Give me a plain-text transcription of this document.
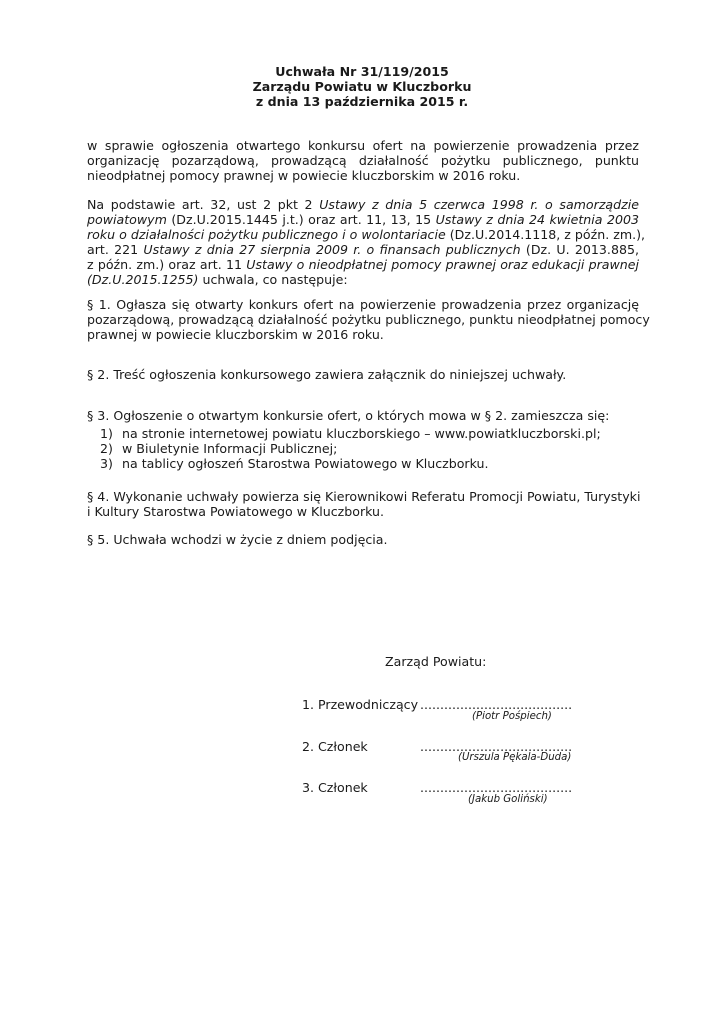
Uchwała Nr 31/119/2015
Zarządu Powiatu w Kluczborku
z dnia 13 października 2015 r.
w sprawie ogłoszenia otwartego konkursu ofert na powierzenie prowadzenia przez
organizację pozarządową, prowadzącą działalność pożytku publicznego, punktu
nieodpłatnej pomocy prawnej w powiecie kluczborskim w 2016 roku.
Na podstawie art. 32, ust 2 pkt 2 Ustawy z dnia 5 czerwca 1998 r. o samorządzie
powiatowym (Dz.U.2015.1445 j.t.) oraz art. 11, 13, 15 Ustawy z dnia 24 kwietnia 2003
roku o działalności pożytku publicznego i o wolontariacie (Dz.U.2014.1118, z późn. zm.),
art. 221 Ustawy z dnia 27 sierpnia 2009 r. o finansach publicznych (Dz. U. 2013.885,
z późn. zm.) oraz art. 11 Ustawy o nieodpłatnej pomocy prawnej oraz edukacji prawnej
(Dz.U.2015.1255) uchwala, co następuje:
§ 1. Ogłasza się otwarty konkurs ofert na powierzenie prowadzenia przez organizację
pozarządową, prowadzącą działalność pożytku publicznego, punktu nieodpłatnej pomocy
prawnej w powiecie kluczborskim w 2016 roku.
§ 2. Treść ogłoszenia konkursowego zawiera załącznik do niniejszej uchwały.
§ 3. Ogłoszenie o otwartym konkursie ofert, o których mowa w § 2. zamieszcza się:
1) na stronie internetowej powiatu kluczborskiego – www.powiatkluczborski.pl;
2) w Biuletynie Informacji Publicznej;
3) na tablicy ogłoszeń Starostwa Powiatowego w Kluczborku.
§ 4. Wykonanie uchwały powierza się Kierownikowi Referatu Promocji Powiatu, Turystyki
i Kultury Starostwa Powiatowego w Kluczborku.
§ 5. Uchwała wchodzi w życie z dniem podjęcia.
Zarząd Powiatu:
1. Przewodniczący ......................................
(Piotr Pośpiech)
2. Członek	......................................
(Urszula Pękala-Duda)
3. Członek	......................................
(Jakub Goliński)
